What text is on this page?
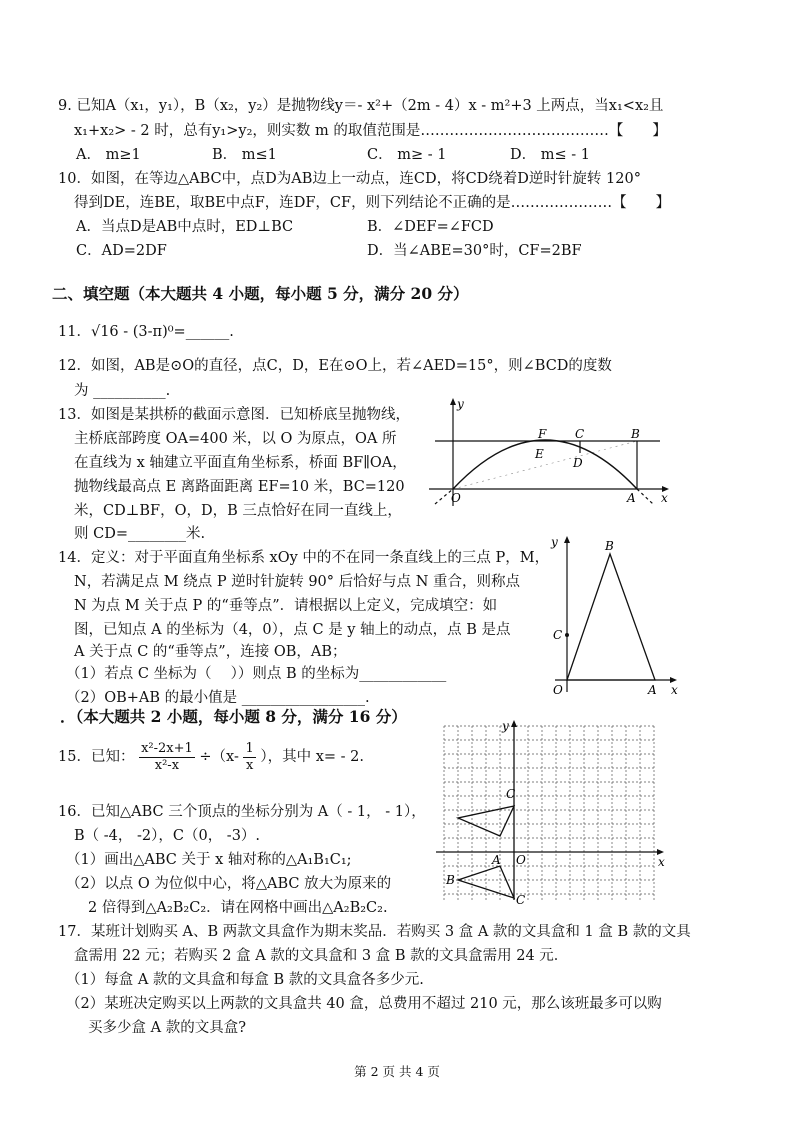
9. 已知A（x₁，y₁），B（x₂，y₂）是抛物线y＝- x²+（2m - 4）x - m²+3 上两点，当x₁<x₂且
x₁+x₂> - 2 时，总有y₁>y₂，则实数 m 的取值范围是…………………………………【　　】
A． m≥1	B． m≤1	C． m≥ - 1	D． m≤ - 1
10．如图，在等边△ABC中，点D为AB边上一动点，连CD，将CD绕着D逆时针旋转 120°
得到DE，连BE，取BE中点F，连DF，CF，则下列结论不正确的是…………………【　　】
A．当点D是AB中点时，ED⊥BC	B．∠DEF=∠FCD
C．AD=2DF	D．当∠ABE=30°时，CF=2BF
二、填空题（本大题共 4 小题，每小题 5 分，满分 20 分）
11．√16 - (3-π)⁰=______.
12．如图，AB是⊙O的直径，点C，D，E在⊙O上，若∠AED=15°，则∠BCD的度数
为 __________.
13．如图是某拱桥的截面示意图．已知桥底呈抛物线，
主桥底部跨度 OA=400 米，以 O 为原点，OA 所
在直线为 x 轴建立平面直角坐标系，桥面 BF∥OA，
抛物线最高点 E 离路面距离 EF=10 米，BC=120
米，CD⊥BF，O，D，B 三点恰好在同一直线上，
则 CD=________米.
y
F C	B
E
D
O	A x
14．定义：对于平面直角坐标系 xOy 中的不在同一条直线上的三点 P，M，
N，若满足点 M 绕点 P 逆时针旋转 90° 后恰好与点 N 重合，则称点
N 为点 M 关于点 P 的“垂等点”．请根据以上定义，完成填空：如
图，已知点 A 的坐标为（4，0），点 C 是 y 轴上的动点，点 B 是点
A 关于点 C 的“垂等点”，连接 OB，AB；
（1）若点 C 坐标为（　 ））则点 B 的坐标为____________
（2）OB+AB 的最小值是 _________________.
y	B
C
O	A x
．（本大题共 2 小题，每小题 8 分，满分 16 分）
15．已知： $\frac{\text{x²-2x+1}}{\text{x²-x}} \div(x- \frac{1}{x}$ ），其中 x= - 2.
16．已知△ABC 三个顶点的坐标分别为 A（ - 1， - 1），
B（ -4， -2），C（0， -3）.
（1）画出△ABC 关于 x 轴对称的△A₁B₁C₁;
（2）以点 O 为位似中心，将△ABC 放大为原来的
2 倍得到△A₂B₂C₂．请在网格中画出△A₂B₂C₂.
y
C
O	x
B
C
A
17．某班计划购买 A、B 两款文具盒作为期末奖品．若购买 3 盒 A 款的文具盒和 1 盒 B 款的文具
盒需用 22 元；若购买 2 盒 A 款的文具盒和 3 盒 B 款的文具盒需用 24 元．
（1）每盒 A 款的文具盒和每盒 B 款的文具盒各多少元.
（2）某班决定购买以上两款的文具盒共 40 盒，总费用不超过 210 元，那么该班最多可以购
买多少盒 A 款的文具盒?
第 2 页 共 4 页
